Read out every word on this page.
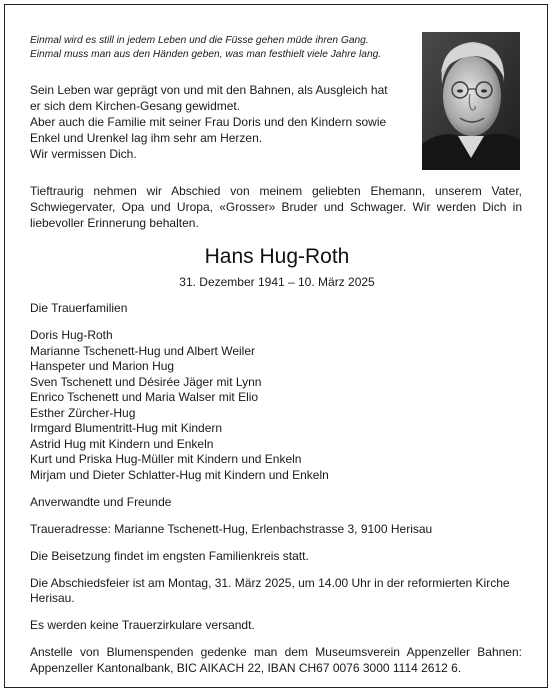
Einmal wird es still in jedem Leben und die Füsse gehen müde ihren Gang.
Einmal muss man aus den Händen geben, was man festhielt viele Jahre lang.
Sein Leben war geprägt von und mit den Bahnen, als Ausgleich hat
er sich dem Kirchen-Gesang gewidmet.
Aber auch die Familie mit seiner Frau Doris und den Kindern sowie
Enkel und Urenkel lag ihm sehr am Herzen.
Wir vermissen Dich.
Tieftraurig nehmen wir Abschied von meinem geliebten Ehemann, unserem Vater, Schwiegervater, Opa und Uropa, «Grosser» Bruder und Schwager. Wir werden Dich in liebevoller Erinnerung behalten.
Hans Hug-Roth
31. Dezember 1941 – 10. März 2025
Die Trauerfamilien
Doris Hug-Roth
Marianne Tschenett-Hug und Albert Weiler
Hanspeter und Marion Hug
Sven Tschenett und Désirée Jäger mit Lynn
Enrico Tschenett und Maria Walser mit Elio
Esther Zürcher-Hug
Irmgard Blumentritt-Hug mit Kindern
Astrid Hug mit Kindern und Enkeln
Kurt und Priska Hug-Müller mit Kindern und Enkeln
Mirjam und Dieter Schlatter-Hug mit Kindern und Enkeln
Anverwandte und Freunde
Traueradresse: Marianne Tschenett-Hug, Erlenbachstrasse 3, 9100 Herisau
Die Beisetzung findet im engsten Familienkreis statt.
Die Abschiedsfeier ist am Montag, 31. März 2025, um 14.00 Uhr in der reformierten Kirche Herisau.
Es werden keine Trauerzirkulare versandt.
Anstelle von Blumenspenden gedenke man dem Museumsverein Appenzeller Bahnen: Appenzeller Kantonalbank, BIC AIKACH 22, IBAN CH67 0076 3000 1114 2612 6.
